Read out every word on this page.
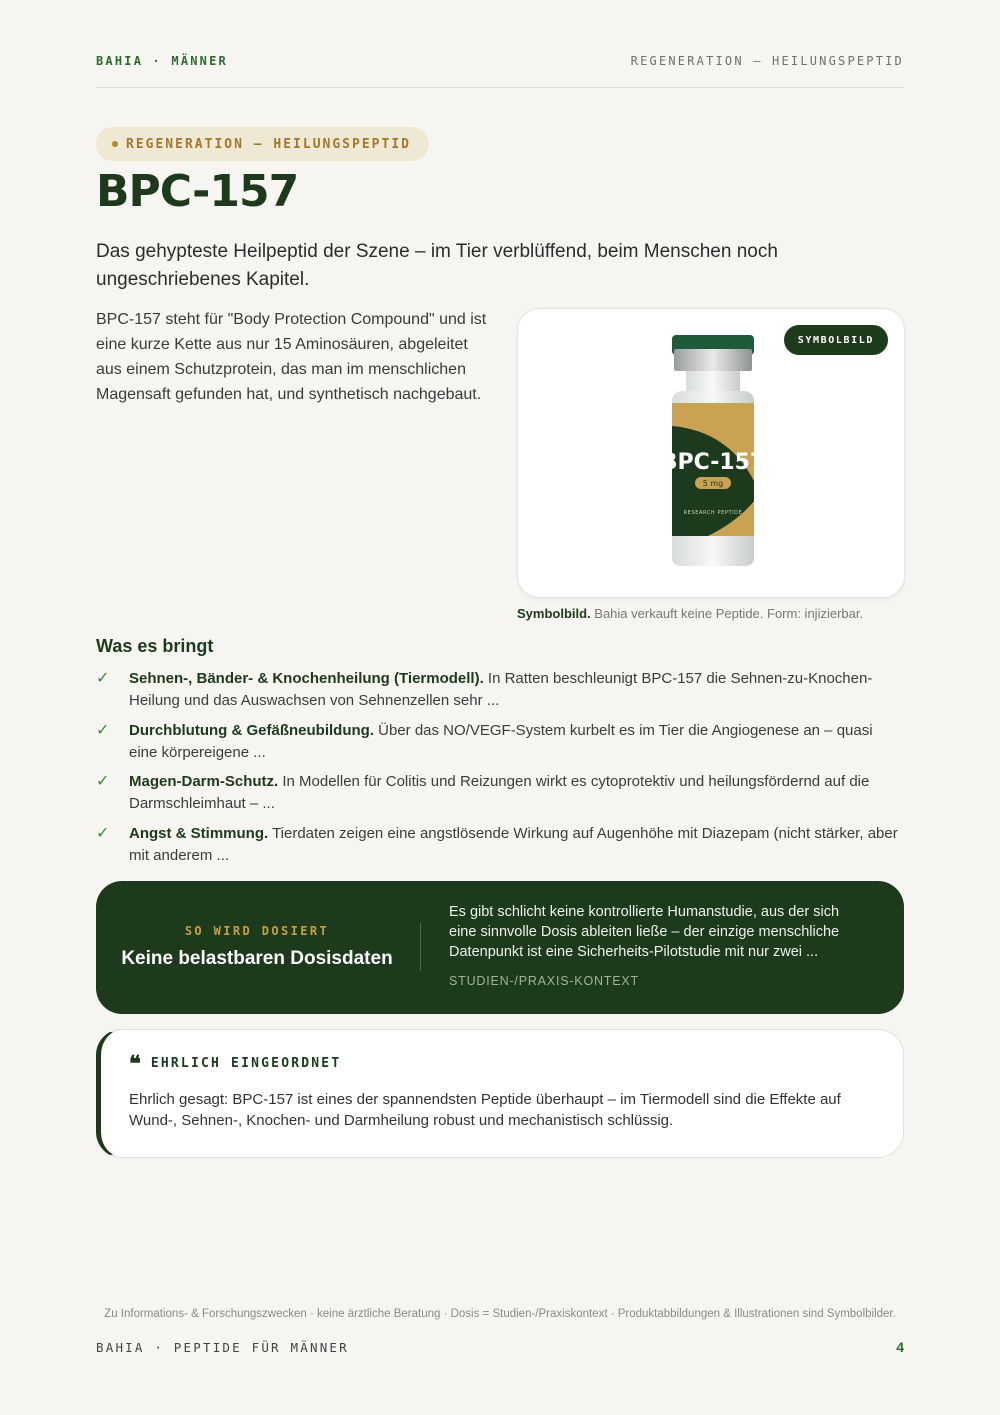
BAHIA · MÄNNER	REGENERATION – HEILUNGSPEPTID
REGENERATION – HEILUNGSPEPTID
BPC-157

Das gehypteste Heilpeptid der Szene – im Tier verblüffend, beim Menschen noch ungeschriebenes Kapitel.

BPC-157 steht für "Body Protection Compound" und ist eine kurze Kette aus nur 15 Aminosäuren, abgeleitet aus einem Schutzprotein, das man im menschlichen Magensaft gefunden hat, und synthetisch nachgebaut.

SYMBOLBILD
BPC-157
5 mg
RESEARCH PEPTIDE
Symbolbild. Bahia verkauft keine Peptide. Form: injizierbar.
Was es bringt
✓ Sehnen-, Bänder- & Knochenheilung (Tiermodell). In Ratten beschleunigt BPC-157 die Sehnen-zu-Knochen-Heilung und das Auswachsen von Sehnenzellen sehr ...
✓ Durchblutung & Gefäßneubildung. Über das NO/VEGF-System kurbelt es im Tier die Angiogenese an – quasi eine körpereigene ...
✓ Magen-Darm-Schutz. In Modellen für Colitis und Reizungen wirkt es cytoprotektiv und heilungsfördernd auf die Darmschleimhaut – ...
✓ Angst & Stimmung. Tierdaten zeigen eine angstlösende Wirkung auf Augenhöhe mit Diazepam (nicht stärker, aber mit anderem ...
SO WIRD DOSIERT
Keine belastbaren Dosisdaten
Es gibt schlicht keine kontrollierte Humanstudie, aus der sich eine sinnvolle Dosis ableiten ließe – der einzige menschliche Datenpunkt ist eine Sicherheits-Pilotstudie mit nur zwei ...
STUDIEN-/PRAXIS-KONTEXT
❝ EHRLICH EINGEORDNET
Ehrlich gesagt: BPC-157 ist eines der spannendsten Peptide überhaupt – im Tiermodell sind die Effekte auf Wund-, Sehnen-, Knochen- und Darmheilung robust und mechanistisch schlüssig.
Zu Informations- & Forschungszwecken · keine ärztliche Beratung · Dosis = Studien-/Praxiskontext · Produktabbildungen & Illustrationen sind Symbolbilder.
BAHIA · PEPTIDE FÜR MÄNNER	4
